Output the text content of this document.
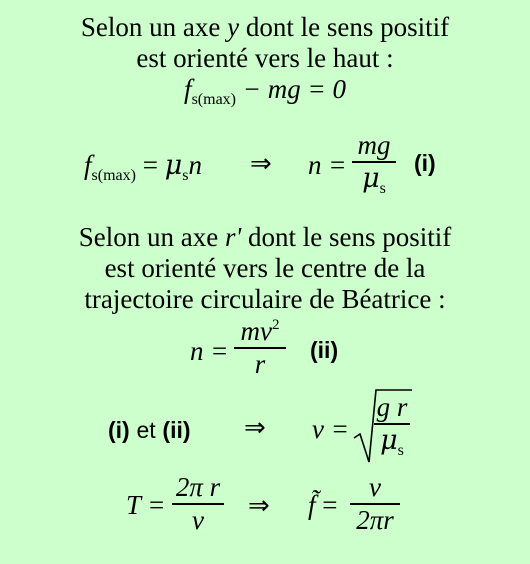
Selon un axe y dont le sens positif
est orienté vers le haut :
$f_{s(max)}$ − mg = 0
$f_{s(max)} = \mu_sn$ ⇒ n =
mg
$\mu_s$
(i)
Selon un axe r' dont le sens positif
est orienté vers le centre de la
trajectoire circulaire de Béatrice :
n =
$mv^2$
r	(ii)
(i) et (ii) ⇒ v =
g r
$\mu_s$
T =
2π r
v	⇒ f̃ =
v
2πr
